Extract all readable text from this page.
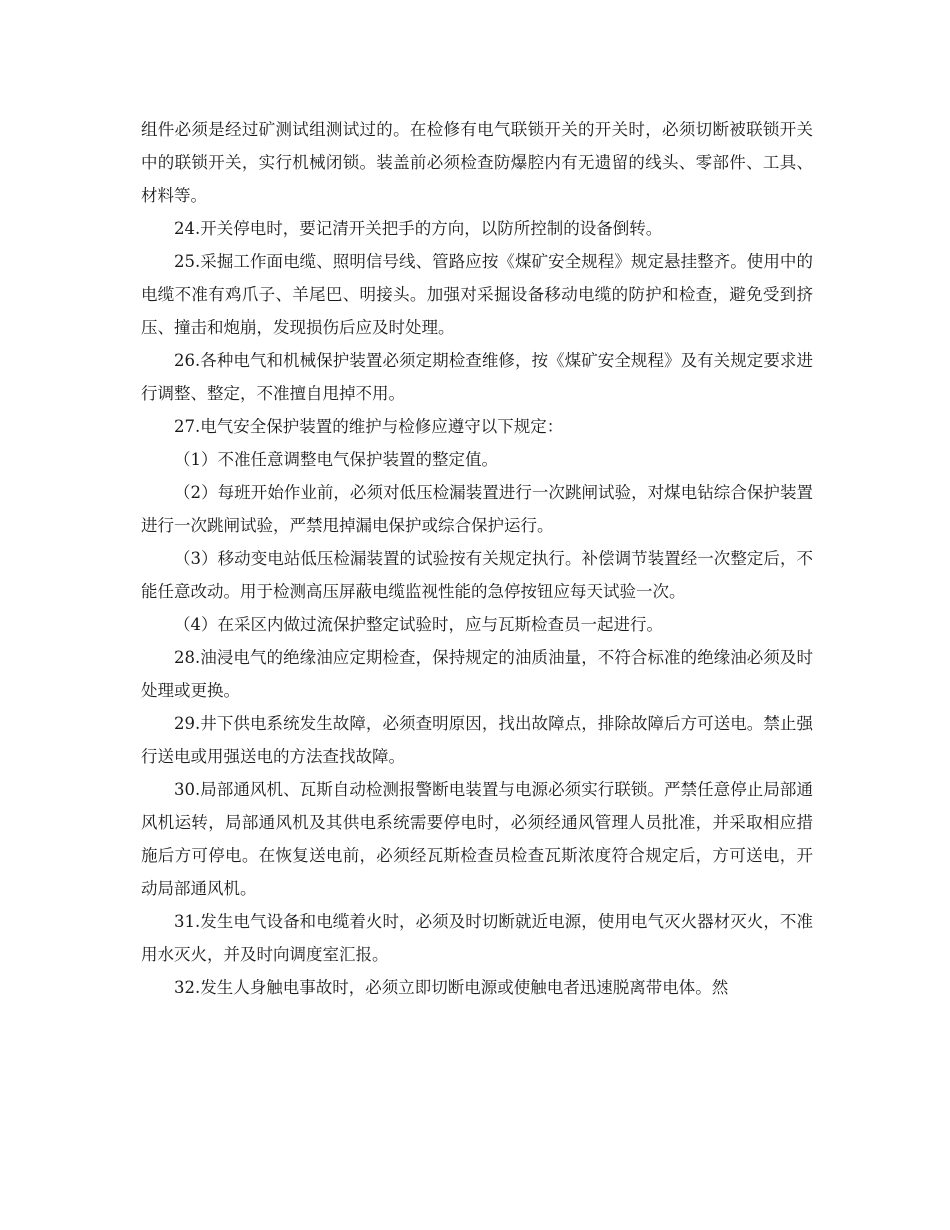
组件必须是经过矿测试组测试过的。在检修有电气联锁开关的开关时，必须切断被联锁开关中的联锁开关，实行机械闭锁。装盖前必须检查防爆腔内有无遗留的线头、零部件、工具、材料等。

24.开关停电时，要记清开关把手的方向，以防所控制的设备倒转。

25.采掘工作面电缆、照明信号线、管路应按《煤矿安全规程》规定悬挂整齐。使用中的电缆不准有鸡爪子、羊尾巴、明接头。加强对采掘设备移动电缆的防护和检查，避免受到挤压、撞击和炮崩，发现损伤后应及时处理。

26.各种电气和机械保护装置必须定期检查维修，按《煤矿安全规程》及有关规定要求进行调整、整定，不准擅自甩掉不用。

27.电气安全保护装置的维护与检修应遵守以下规定：

（1）不准任意调整电气保护装置的整定值。

（2）每班开始作业前，必须对低压检漏装置进行一次跳闸试验，对煤电钻综合保护装置进行一次跳闸试验，严禁甩掉漏电保护或综合保护运行。

（3）移动变电站低压检漏装置的试验按有关规定执行。补偿调节装置经一次整定后，不能任意改动。用于检测高压屏蔽电缆监视性能的急停按钮应每天试验一次。

（4）在采区内做过流保护整定试验时，应与瓦斯检查员一起进行。

28.油浸电气的绝缘油应定期检查，保持规定的油质油量，不符合标准的绝缘油必须及时处理或更换。

29.井下供电系统发生故障，必须查明原因，找出故障点，排除故障后方可送电。禁止强行送电或用强送电的方法查找故障。

30.局部通风机、瓦斯自动检测报警断电装置与电源必须实行联锁。严禁任意停止局部通风机运转，局部通风机及其供电系统需要停电时，必须经通风管理人员批准，并采取相应措施后方可停电。在恢复送电前，必须经瓦斯检查员检查瓦斯浓度符合规定后，方可送电，开动局部通风机。

31.发生电气设备和电缆着火时，必须及时切断就近电源，使用电气灭火器材灭火，不准用水灭火，并及时向调度室汇报。

32.发生人身触电事故时，必须立即切断电源或使触电者迅速脱离带电体。然
